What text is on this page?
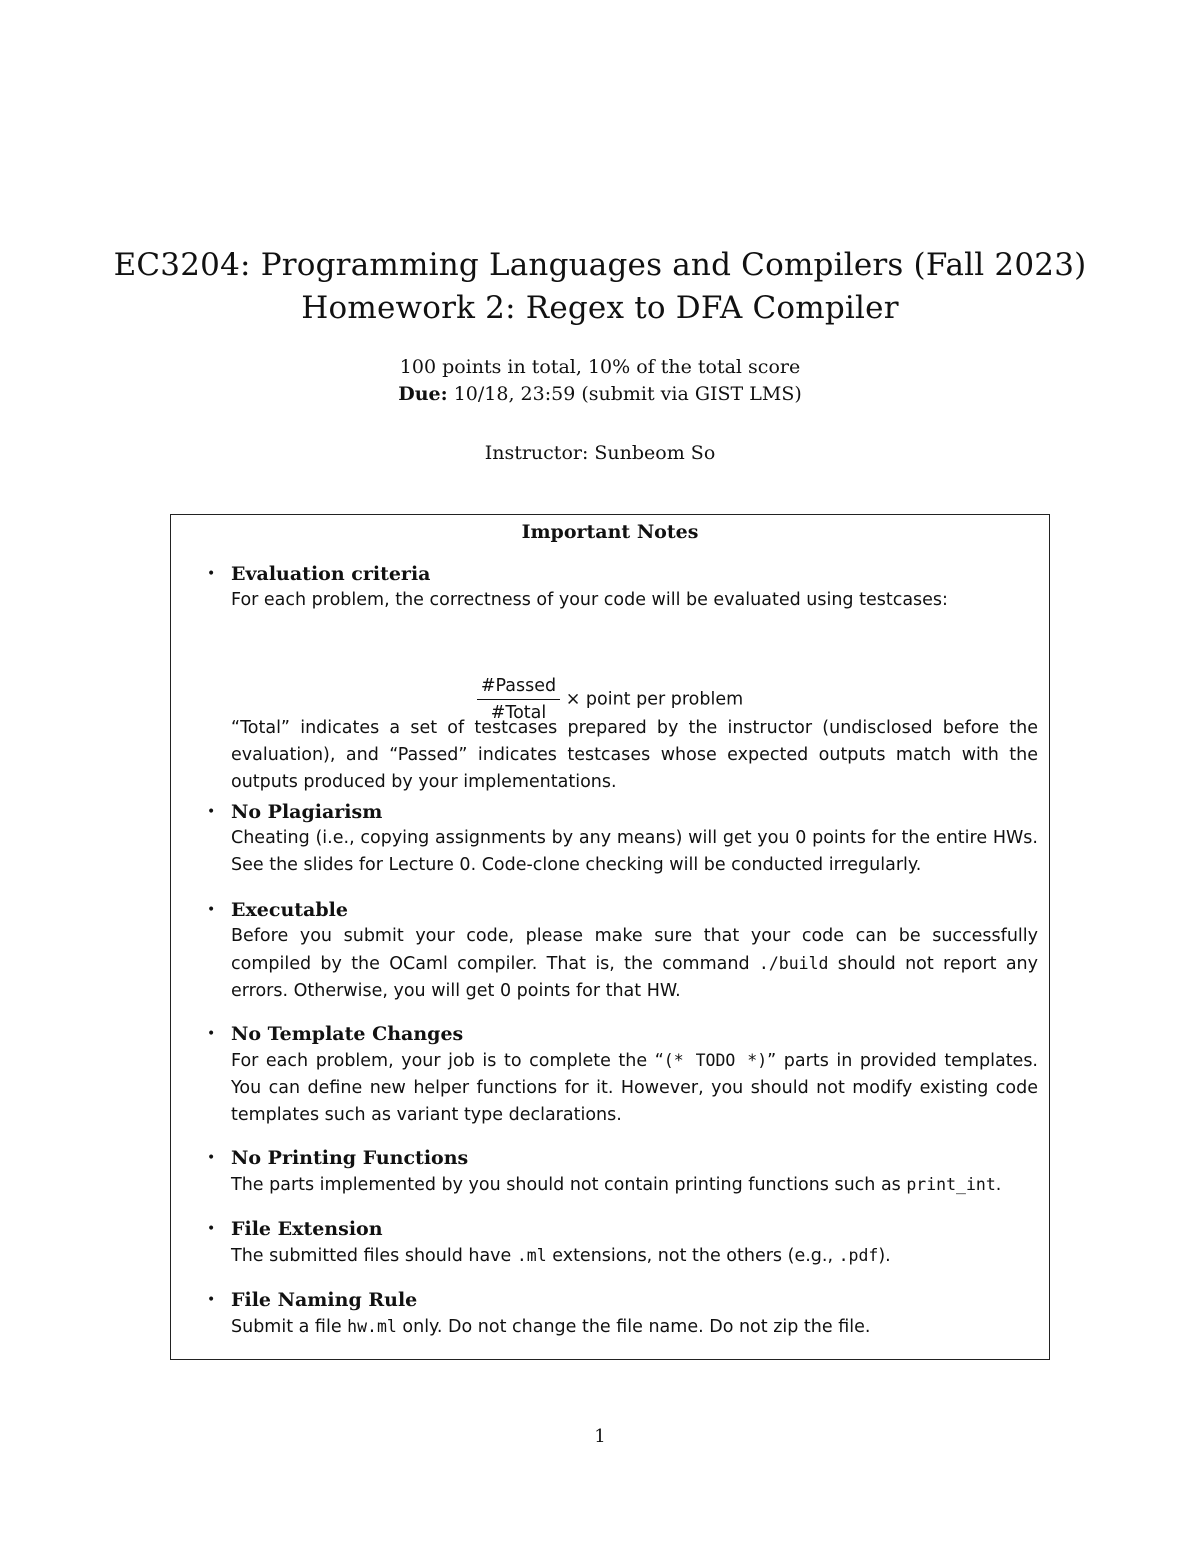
EC3204: Programming Languages and Compilers (Fall 2023)

Homework 2: Regex to DFA Compiler

100 points in total, 10% of the total score
Due: 10/18, 23:59 (submit via GIST LMS)
Instructor: Sunbeom So
Important Notes
• Evaluation criteria
For each problem, the correctness of your code will be evaluated using testcases:
$\frac{\text{\#Passed}}{\text{\#Total}}$ × point per problem
“Total” indicates a set of testcases prepared by the instructor (undisclosed before the evaluation), and “Passed” indicates testcases whose expected outputs match with the outputs produced by your implementations.
• No Plagiarism
Cheating (i.e., copying assignments by any means) will get you 0 points for the entire HWs. See the slides for Lecture 0. Code-clone checking will be conducted irregularly.
• Executable
Before you submit your code, please make sure that your code can be successfully compiled by the OCaml compiler. That is, the command ./build should not report any errors. Otherwise, you will get 0 points for that HW.
• No Template Changes
For each problem, your job is to complete the “(* TODO *)” parts in provided templates. You can define new helper functions for it. However, you should not modify existing code templates such as variant type declarations.
• No Printing Functions
The parts implemented by you should not contain printing functions such as print_int.
• File Extension
The submitted files should have .ml extensions, not the others (e.g., .pdf).
• File Naming Rule
Submit a file hw.ml only. Do not change the file name. Do not zip the file.
1
